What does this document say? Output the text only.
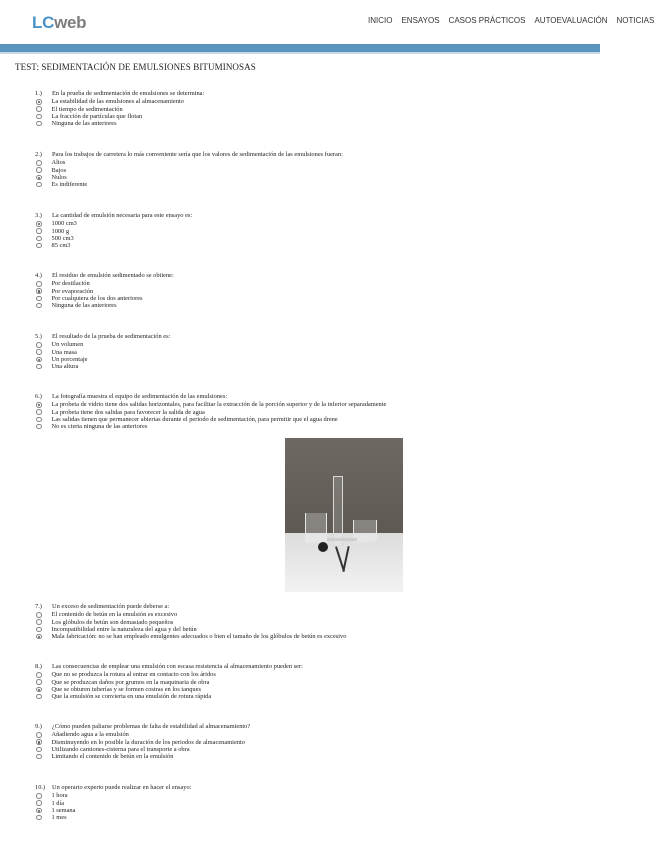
LCweb	INICIO ENSAYOS CASOS PRÁCTICOS AUTOEVALUACIÓN NOTICIAS
TEST: SEDIMENTACIÓN DE EMULSIONES BITUMINOSAS
1.)	En la prueba de sedimentación de emulsiones se determina:
La estabilidad de las emulsiones al almacenamiento
El tiempo de sedimentación
La fracción de partículas que flotan
Ninguna de las anteriores
2.)	Para los trabajos de carretera lo más conveniente sería que los valores de sedimentación de las emulsiones fueran:
Altos
Bajos
Nulos
Es indiferente
3.)	La cantidad de emulsión necesaria para este ensayo es:
1000 cm3
1000 g
500 cm3
85 cm3
4.)	El residuo de emulsión sedimentado se obtiene:
Por destilación
Por evaporación
Por cualquiera de los dos anteriores
Ninguna de las anteriores
5.)	El resultado de la prueba de sedimentación es:
Un volumen
Una masa
Un porcentaje
Una altura
6.)	La fotografía muestra el equipo de sedimentación de las emulsiones:
La probeta de vidrio tiene dos salidas horizontales, para facilitar la extracción de la porción superior y de la inferior separadamente
La probeta tiene dos salidas para favorecer la salida de agua
Las salidas tienen que permanecer abiertas durante el periodo de sedimentación, para permitir que el agua drene
No es cierta ninguna de las anteriores
7.)	Un exceso de sedimentación puede deberse a:
El contenido de betún en la emulsión es excesivo
Los glóbulos de betún son demasiado pequeños
Incompatibilidad entre la naturaleza del agua y del betún
Mala fabricación: no se han empleado emulgentes adecuados o bien el tamaño de los glóbulos de betún es excesivo
8.)	Las consecuencias de emplear una emulsión con escasa resistencia al almacenamiento pueden ser:
Que no se produzca la rotura al entrar en contacto con los áridos
Que se produzcan daños por grumos en la maquinaria de obra
Que se obturen tuberías y se formen costras en los tanques
Que la emulsión se convierta en una emulsión de rotura rápida
9.)	¿Cómo pueden paliarse problemas de falta de estabilidad al almacenamiento?
Añadiendo agua a la emulsión
Disminuyendo en lo posible la duración de los periodos de almacenamiento
Utilizando camiones-cisterna para el transporte a obra
Limitando el contenido de betún en la emulsión
10.)	Un operario experto puede realizar en hacer el ensayo:
1 hora
1 día
1 semana
1 mes
